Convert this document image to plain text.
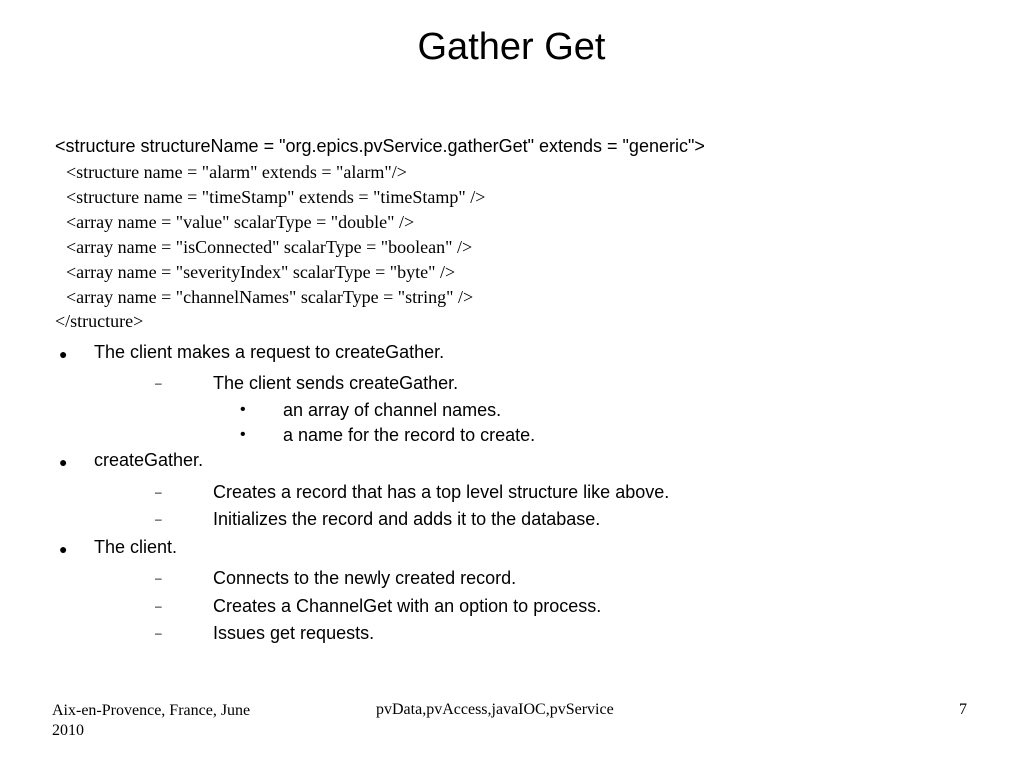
Gather Get
<structure structureName = "org.epics.pvService.gatherGet" extends = "generic">
<structure name = "alarm" extends = "alarm"/>
<structure name = "timeStamp" extends = "timeStamp" />
<array name = "value" scalarType = "double" />
<array name = "isConnected" scalarType = "boolean" />
<array name = "severityIndex" scalarType = "byte" />
<array name = "channelNames" scalarType = "string" />
</structure>
● The client makes a request to createGather.
–	The client sends createGather.
• an array of channel names.
• a name for the record to create.
● createGather.
–	Creates a record that has a top level structure like above.
–	Initializes the record and adds it to the database.
● The client.
–	Connects to the newly created record.
–	Creates a ChannelGet with an option to process.
–	Issues get requests.
Aix-en-Provence, France, June
2010
pvData,pvAccess,javaIOC,pvService	7
